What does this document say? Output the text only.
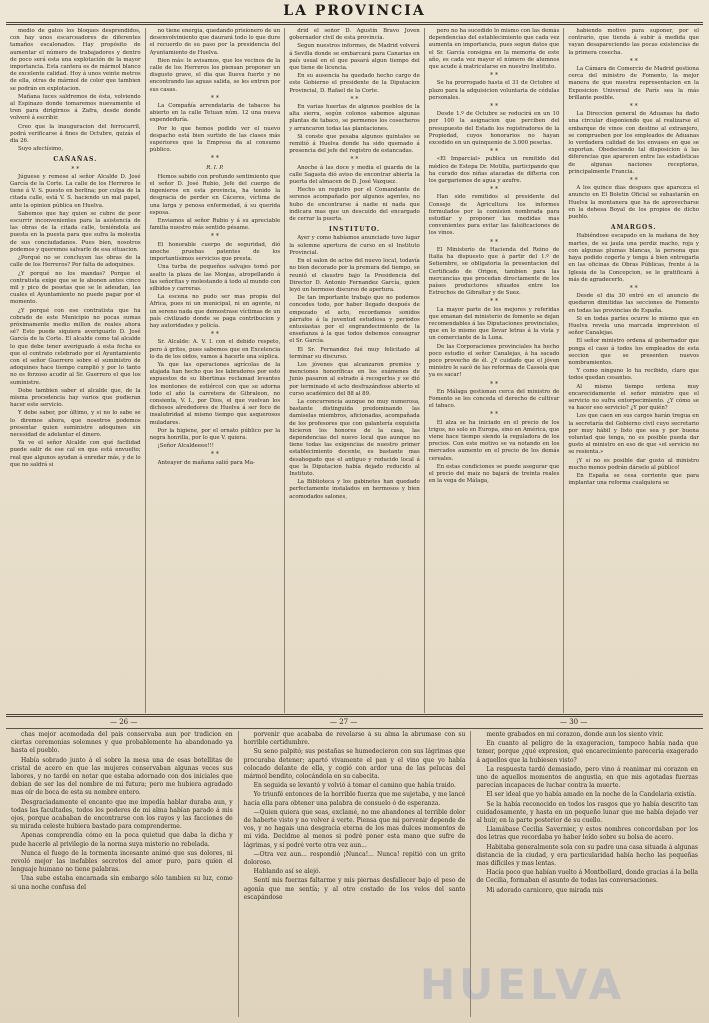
LA PROVINCIA

medio de gatos los bloques desprendidos, con hay unos escarceadores de diferentes tamaños escalonados. Hay propósito de aumentar el número de trabajadores y dentro de poco será esta una explotación de la mayor importancia. Esta cantera es de mármol blanco de excelente calidad. Hoy á unos veinte metros de ella, otras de mármol de color que tambien se podrán en explotacion.

Mañana luces saldremos de ésta, volviendo al Espinazo donde tomaremos nuevamente el tren para dirigirnos á Zafra, desde donde volveré á escribir.

Creo que la inauguracion del ferrocarril, podrá verificarse á fines de Octubre, quizás el dia 26.

Suyo afectísimo,

CAÑAÑAS.

* *

Júguese y remese al señor Alcalde D. José García de la Corte. La calle de los Herreros le tiene á V. S. puesto en berlina; por culpa de la citada calle, está V. S. haciendo un mal papel, ante la opinion pública en Huelva.

Sabemos que hay quien se cubre de peor escurrir inconvenientes para la asistencia de las obras de la citada calle, teniéndola así puesta en la puesta para que sufra la molestia de sus conciudadanos. Pues bien, nosotros podemos y queremos salvarle de esa situacion.

¿Porqué no se concluyen las obras de la calle de los Herreros? Por falta de adoquines.

¿Y porqué no los mandas? Porque el contratista exige que se le abonen antes cinco mil y pico de pesetas que se le adeudan, las cuales el Ayuntamiento no puede pagar por el momento.

¿Y porqué con ese contratista que ha cobrado de este Municipio no pocas sumas próximamente medio millon de reales ahora sé? Esto puede siquiera averiguarlo D. José García de la Corte. El alcalde como tal alcalde lo que debe tener averiguado á esta fecha es que el contrato celebrado por el Ayuntamiento con el señor Guerrero sobre el suministro de adoquines hace tiempo cumplió y por lo tanto no es forzoso acudir al Sr. Guerrero el que los suministre.

Dobe tambien saber el alcalde que, de la misma procedencia hay varios que pudieran hacer este servicio.

Y debe saber, por último, y si no lo sabe se lo diremos ahora, que nosotros podemos presentar quien suministre adoquines sin necesidad de adelantar el dinero.

Ya ve el señor Alcalde con qué facilidad puede salir de ese cal en que está envuelto; real que algunos ayudan á enredar más, y de lo que no saldrá si

no tiene energía, quedando prisionero de un desenvolvimiento que daurará todo lo que dure el recuerdo de su paso por la presidencia del Ayuntamiento de Huelva.

Bien más: le avisamos, que los vecinos de la calle de los Herreros los piensan proponer un disgusto grave, el dia que llueva fuerte y no encontrando las aguas salida, se les entren por sus casas.

* *

La Compañía arrendataria de tabacos ha abierto en la calle Tetuan núm. 12 una nueva expendeduría.

Por lo que hemos podido ver el nuevo despacho está bien surtido de las clases más superiores que la Empresa da al consumo público.

* *

R. I. P.

Hemos sabido con profundo sentimiento que el señor D. José Rubio, Jefe del cuerpo de ingenieros en esta provincia, ha tenido la desgracia de perder en Cáceres, víctima de una larga y penosa enfermedad, á su querida esposa.

Enviamos al señor Rubio y á su apreciable familia nuestro más sentido pésame.

* *

El honorable cuerpo de seguridad, dió anoche pruebas patentes de los importantísimos servicios que presta.

Una turba de pequeños salvajes tomó por asalto la plaza de las Monjas, atropellando á las señoritas y molestando á todo al mundo con silbidos y carreras.

La escena no pudo ser mas propia del Africa, pues ni un municipal, ni un agente, ni un sereno nada que demostrase víctimas de un país civilizado donde se paga contribucion y hay autoridades y policía.

* *

Sr. Alcalde: A. V. I. con el debido respeto, pero á gritos, pues sabemos que en Excelencia lo da de los oidos, vamos á hacerle una súplica.

Ya que las operaciones agrícolas de la atajada han hecho que los labradores por esto expuestos de su libertinas reclamad levantes los montones de estiércol con que se adorna todo el año la carretera de Gibraleon, no consienta, V. I., por Dios, el que vuelvan los dichosos alrededores de Huelva á ser foco de insalubridad al mismo tiempo que asquerosos muladares.

Por la higiene, por el ornato público por la negra honrilla, por lo que V. quiera.

¡Señor Alcaldeeee!!!

* *

Anteayer de mañana salió para Ma-

drid el señor D. Agustin Bravo Joven gobernador civil de esta provincia.

Segun nuestros informes, de Madrid volverá á Sevilla donde se embarcará para Canarias en país usual en el que pasará algun tiempo del que tiene de licencia.

En su ausencia ha quedado hecho cargo de este Gobierno el presidente de la Diputacion Provincial, D. Rafael de la Corte.

* *

En varias huertas de algunos pueblos de la alta sierra, según colonos sabemos algunas plantas de tabaco, se permenos los cosecheros y arrancaron todas las plantaciones.

Si conste que pesaba algunos quintales se remitió á Huelva donde ha sido quemado á presencia del jefe del registro de estancadas.

* *

Anoche á las doce y media el guarda de la calle Sagasta dió aviso de encontrar abierta la puerta del almacen de D. José Vazquez.

Hecho un registro por el Comandante de serenos acompañado por algunos agentes, no hubo de encontrarse á nadie ni nada que indicara mas que un descuido del encargado de cerrar la puerta.

INSTITUTO.

Ayer y como habíamos anunciado tuvo lugar la solemne apertura de curso en el Instituto Provincial.

En el salon de actos del nuevo local, todavía no bien decorado por la premura del tiempo, se reunió el claustro bajo la Presidencia del Director D. Antonio Fernandez García, quien leyó un hermoso discurso de apertura.

De tan importante trabajo que no podemos concedes todo, por haber llegado después de empezado el acto, recordamos sonidos párrafos á la juventud estudiosa y periodos entusiastas por el engrandecimiento de la enseñanza á la que todos debemos consagrar el Sr. García.

El Sr. Fernandez fué muy felicitado al terminar su discurso.

Los jóvenes que alcanzaron premios y menciones honoríficas en los exámenes de Junio pasaron al estrado á recogerlos y se dió por terminado el acto desfrazándose abierto el curso académico del 88 al 89.

La concurrencia aunque no muy numerosa, bastante distinguida predominando las damiselas miembros, aficionadas, acompañada de los profesores que con galantería exquisita hicieron los honores de la casa, las dependencias del nuevo local que aunque no tiene todas las exigencias de nuestro primer establecimiento docente, es bastante mas desahogado que el antiguo y reducido local á que la Diputacion había dejado reducido al Instituto.

La Biblioteca y los gabinetes han quedado perfectamente instalados en hermosos y bien acomodados salones,

pero no ha sucedido lo mismo con las demás dependencias del establecimiento que cada vez aumenta en importancia, pues segun datos que el Sr. García consigna en la memoria de este año, es cada vez mayor el número de alumnos que acude á matricularse en nuestro Instituto.

* *

Se ha prorrogado hasta el 31 de Octubre el plazo para la adquisicion voluntaria de cédulas personales.

* *

Desde 1.º de Octubre se reducirá en un 10 por 100 la asignacion que perciben del presupuesto del Estado los registradores de la Propiedad, cuyos honorarios no hayan excedido en un quinquenio de 3.000 pesetas.

* *

«El Imparcial» publica un remitido del médico de Estepa Dr. Motilla, participando que ha curado dos niñas atacadas de difteria con los gargarismos de agua y azufre.

* *

Han sido remitidos al presidente del Consejo de Agricultura los informes formulados por la comision nombrada para estudiar y proponer las medidas mas convenientes para evitar las falsificaciones de los vinos.

* *

El Ministerio de Hacienda del Reino de Italia ha dispuesto que á partir del 1.º de Setiembre, se obligatoria la presentacion del Certificado de Origen, tambien para las mercancías que procedan directamente de los países productores situados entre los Estrechos de Gibraltar y de Suez.

* *

La mayor parte de los mejores y referidas que emanan del ministerio de fomento se dejan recomendables á las Diputaciones provinciales, que en lo mismo que llevar letras á la vista y un comerciante de la Luna.

De las Corporaciones provinciales ha hecho poco estudio el señor Canalejas, á ha sacado poco provecho de él. ¿Y cuidado que el jóven ministro le sacó de las reformas de Cassola que ya es sacar!

* *

En Málaga gestionan cerca del ministro de Fomento se les conceda el derecho de cultivar el tabaco.

* *

El alza se ha iniciado en el precio de los trigos, no solo en Europa, sino en América, que viene hace tiempo siendo la reguladora de los precios. Con este motivo se va notando en los mercados aumento en el precio de los demás cereales.

En estas condiciones se puede asegurar que el precio del maíz no bajará de treinta reales en la vega de Málaga,

habiendo motivo para suponer, por el contrario, que tienda á subir á medida que vayan desapareciendo las pocas existencias de la primera cosecha.

* *

La Cámara de Comercio de Madrid gestiona cerca del ministro de Fomento, la mejor manera de que nuestra representacion en la Exposicion Universal de París sea la más brillante posible.

* *

La Direccion general de Aduanas ha dado una circular disponiendo que al realizarse el embarque de vinos con destino al extranjero, se comprueben por los empleados de Aduanas lo verdadera calidad de los envases en que se exportan. Obedeciendo tal disposicion á las diferencias que aparecen entre las estadísticas de algunas naciones receptoras, principalmente Francia.

* *

A los quince dias despues que aparezca el anuncio en El Boletin Oficial se subastarán en Huelva la montanera que ha de aprovecharse en la dehesa Boyal de los propios de dicho pueblo.

AMARGOS.

Habiéndose escapado en la mañana de hoy martes, de su jaula una perdiz macho, roja y con algunas plumas blancas, la persona que haya podido cogerla y tenga á bien entregarla en las oficinas de Obras Públicas, frente á la Iglesia de la Concepcion, se le gratificará á más de agradecerlo.

* *

Desde el dia 30 entró en el anuncio de quedaron dimitidas las secciones de Fomento en todas las provincias de España.

Si en todas partes ocurre lo mismo que en Huelva revela una marcada imprevision el señor Canalejas.

El señor ministro ordena al gobernador que ponga el caso á todos los empleados de esta seccion que se presenten nuevos nombramientos.

Y como ninguno lo ha recibido, claro que todos quedan cesantes.

Al mismo tiempo ordena muy encarecidamente el señor ministro que el servicio no sufra entorpecimiento. ¿Y cómo se va hacer eso servicio? ¿Y por quién?

Los que caen en sus cargos harán tregua en la secretaría del Gobierno civil cuyo secretario por muy hábil y listo que sea y por buena voluntad que tenga, no es posible pueda dar gusto al ministro en eso de que «el servicio no se resienta.»

¡Y si no es posible dar gusto al ministro mucho menos podrán dárselo al público!

En España se cesa corriente que para implantar una reforma cualquiera se

— 26 —	— 27 —	— 30 —

chas mejor acomodada del país conservaba aun por tradicion en ciertas ceremonias solemnes y que probablemente ha abandonado ya hasta el pueblo.

Había sobrado junto á el sobre la mesa una de esas botellitas de cristal de acero en que las mujeres conservaban algunas veces sus labores, y no tardé en notar que estaba adornado con dos iniciales que debian de ser las del nombre de mi futura; pero me hubiera agradado mas oír de boca de esta su nombre entero.

Desgraciadamente el encanto que me impedía hablar duraba aun, y todas las facultades, todos los poderes de mi alma habían parado á mis ojos, porque acababan de encontrarse con los rayos y las facciones de su mirada celeste hubiera bastado para comprenderme.

Apenas comprendía cómo en la poca quietud que daba la dicha y pude hacerle al privilegio de la norma suya misterio no rebelada.

Nunca el fuego de la tormenta incesante animó que sus dolores, ni revoló mejor las inefables secretos del amor puro, para quien el lenguaje humano no tiene palabras.

Una sube estaba encarnada sin embargo sólo tambien su luz, como si una noche confusa del

porvenir que acababa de revelarse á su alma la abrumase con su horrible certidumbre.

Su seno palpitó; sus pestañas se humedecieron con sus lágrimas que procuraba detener; apartó vivamente el pan y el vino que yo había colocado delante de ella, y cogió con ardor una de las pelucas del mármol bendito, colocándola en su cabecita.

En seguida se levantó y volvió á tomar el camino que había traido.

Yo triunfé entonces de la horrible fuerza que me sujetaba, y me lancé hacia ella para obtener una palabra de consuelo ó de esperanza.

—Quien quiera que seas, exclamé, no me abandones al terrible dolor de haberte visto y no volver á verte. Piensa que mi porvenir depende de vos, y no hagais una desgracia eterna de los mas dulces momentos de mi vida. Decidme al menos si podré poner esta mano que sufre de lágrimas, y sí podré verte otra vez aun...

—Otra vez aun... respondió ¡Nunca!... Nunca! repitió con un grito doloroso.

Hablando así se alejó.

Sentí mis fuerzas faltarme y mis piernas desfallecer bajo el peso de agonía que me sentía; y al otro costado de los velos del santo escapándose

mente grabados en mi corazon, donde aun los siento vivir.

En cuanto al peligro de la exageracion, tampoco había nada que temer, porque ¿qué expresion, qué encarecimiento pareceria exagerado á aquellos que la hubiesen visto?

La respuesta tardó demasiado, pero vino á reanimar mi corazon en uno de aquellos momentos de angustia, en que mis agotadas fuerzas parecían incapaces de luchar contra la muerte.

El ser ideal que yo había amado en la noche de la Candelaria existía.

Se la había reconocido en todos los rasgos que yo había descrito tan cuidadosamente, y hasta en un pequeño lunar que me había dejado ver al huir, en la parte posterior de su cuello.

Llamábase Cecilia Savernier, y estos nombres concordaban por los dos letras que recordaba yo haber leído sobre su bolsa de acero.

Habitaba generalmente sola con su padre una casa situada á algunas distancia de la ciudad, y era particularidad había hecho las pequeñas mas difíciles y mas lentas.

Hacía poco que habían vuelto á Montbollard, donde gracias á la bella de Cecilia, formaban el asunto de todas las conversaciones.

Mi adorado carnicero, que mirada mis

HUELVA
